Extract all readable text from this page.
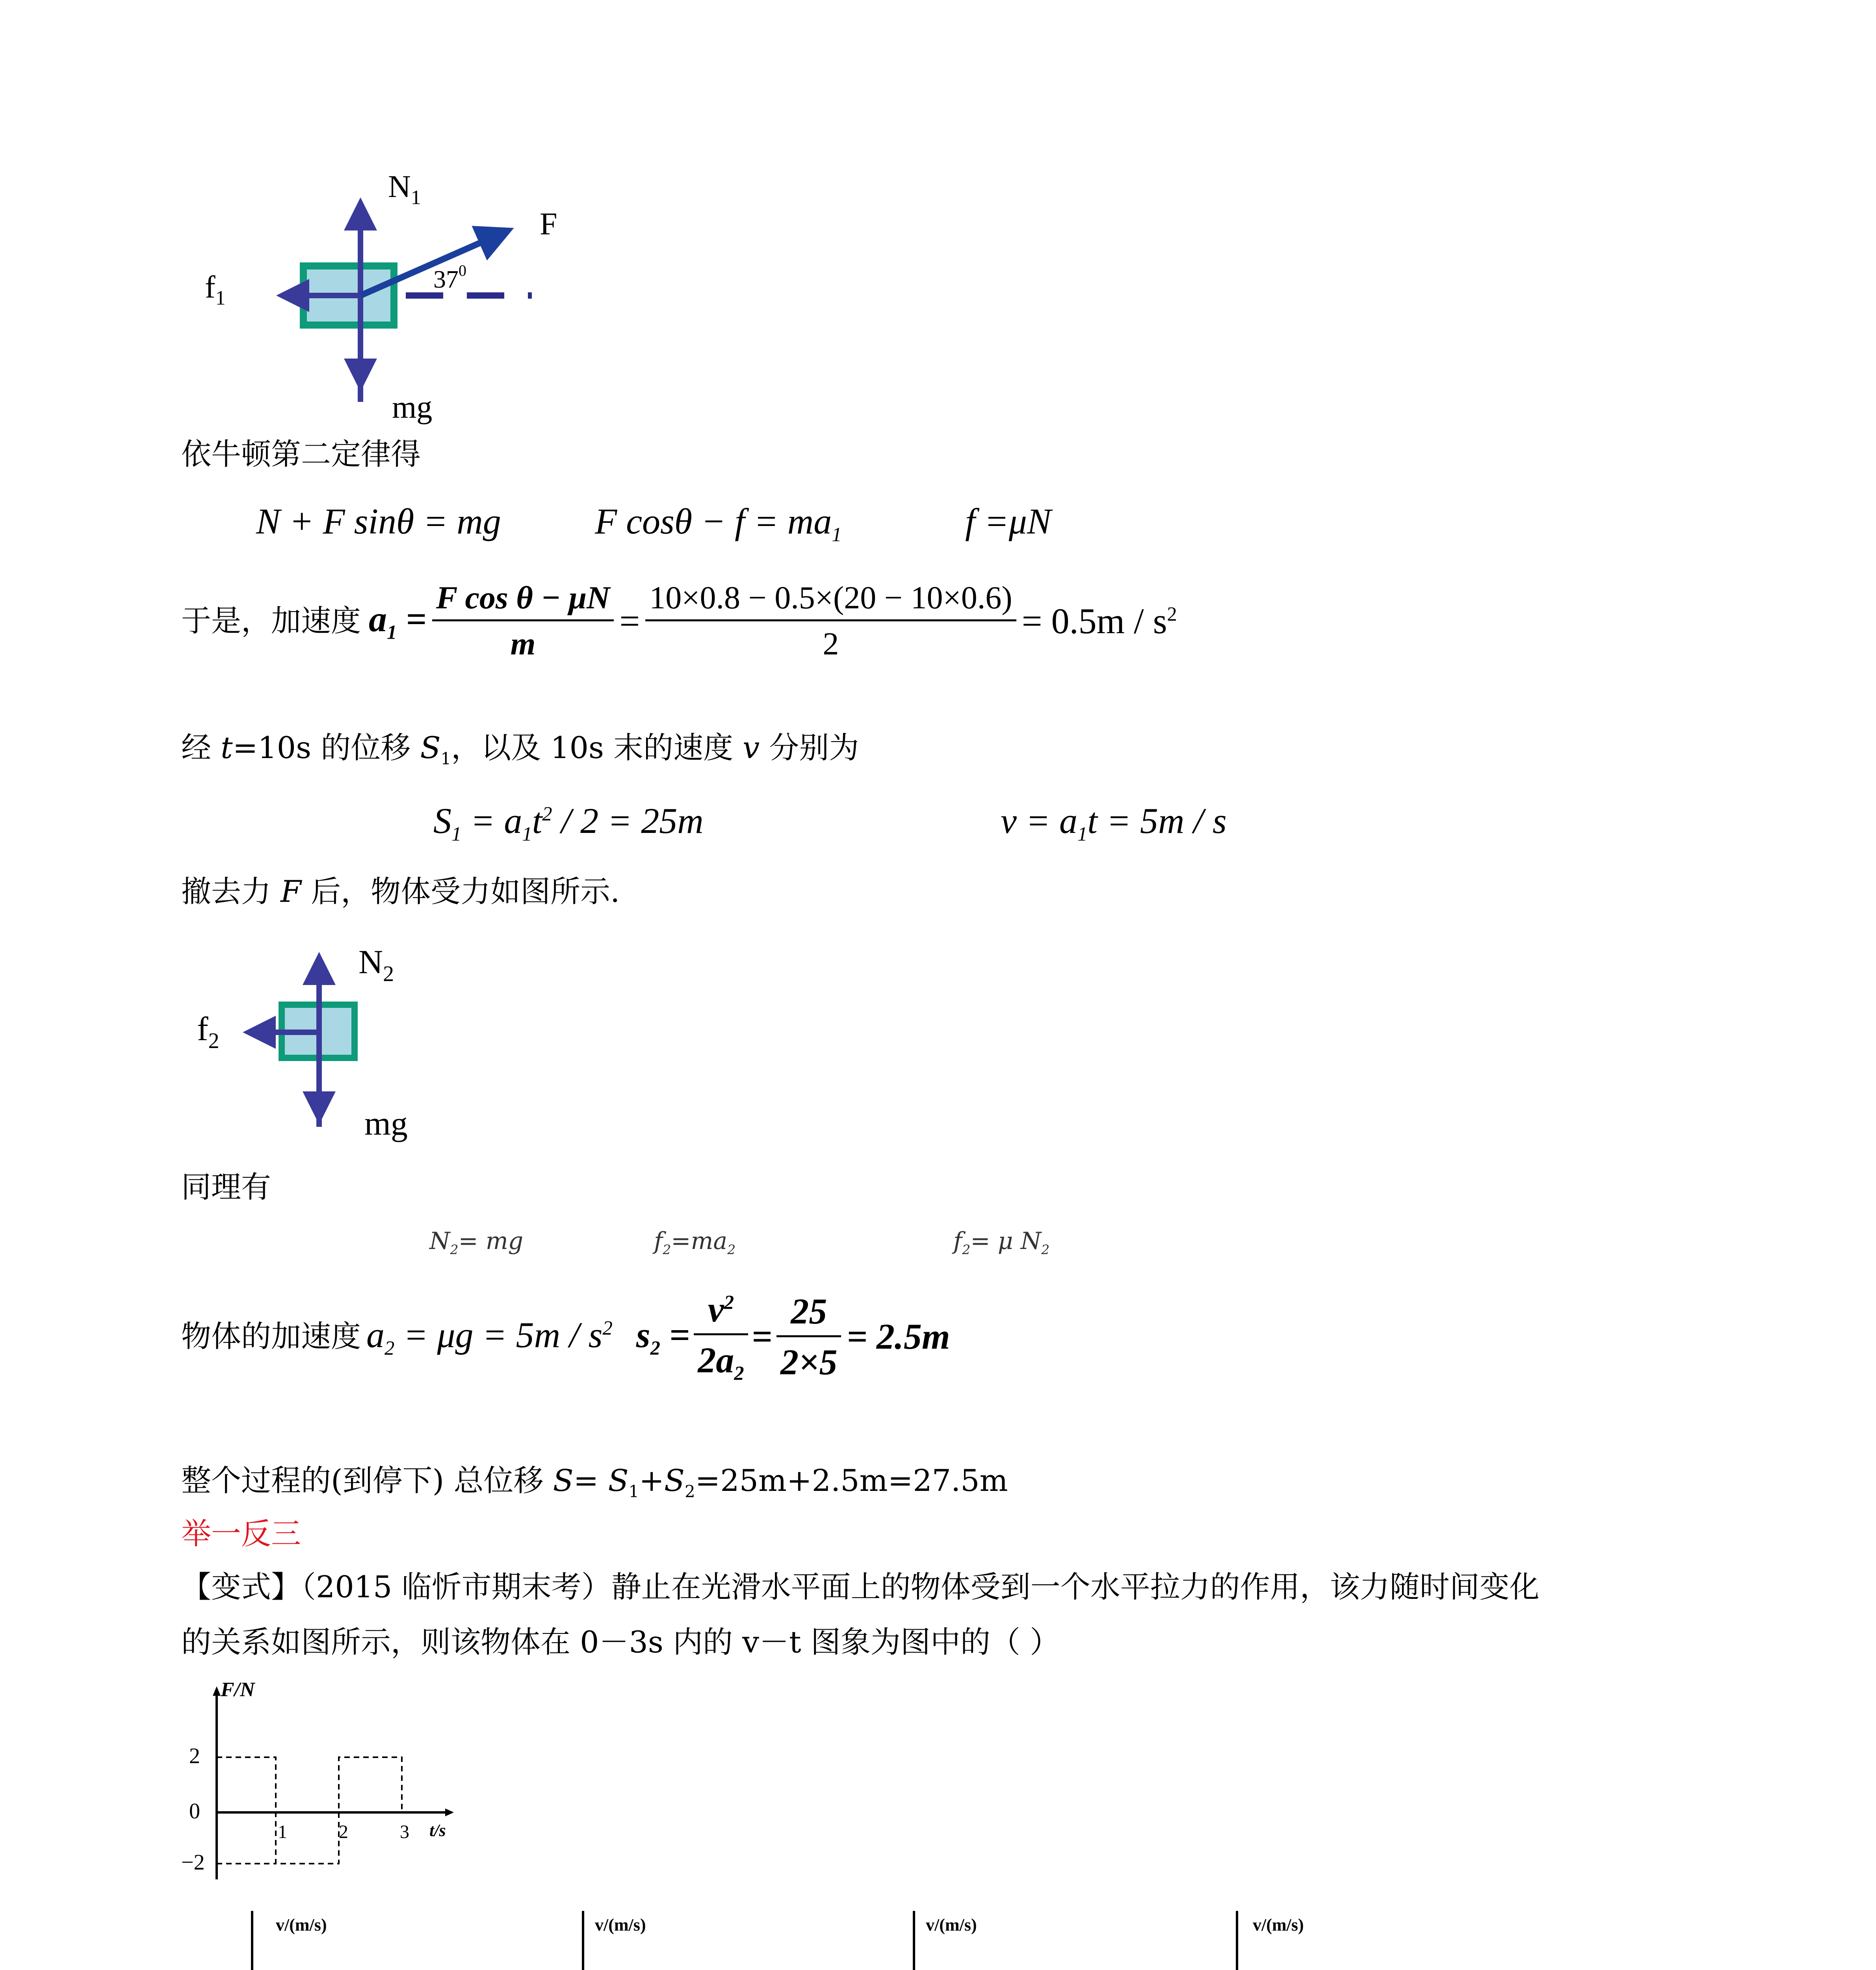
$N_1$
F
$f_1$
mg
$37^0$
依牛顿第二定律得
N + F sinθ = mg	F $\cos\theta - f = ma_1$	f =μN
于是，加速度 $a_1 = \frac{\text{F cos θ − μN}}{m} = \frac{10\times 0.8 - 0.5\times(20 - 10\times 0.6)}{2} = 0.5m / s^2$
经 t=10s 的位移 $S_1$，以及 10s 末的速度 v 分别为
$S_1 = a_1t^2 / 2 = 25m$	$v = a_1t = 5m / s$
撤去力 F 后，物体受力如图所示.
$N_2$
$f_2$
mg
同理有
$N_2=$ mg	$f_2=ma_2$	$f_2= \mu$ $N_2$
物体的加速度 $a_2 = \mu g = 5m / s^2$ $s_2 = \frac{v^2}{2a_2} = \frac{25}{2\times 5} = 2.5m$
整个过程的(到停下) 总位移 $S= S_1+S_2=25m+2.5m=27.5m$
举一反三
【变式】（2015 临忻市期末考）静止在光滑水平面上的物体受到一个水平拉力的作用，该力随时间变化
的关系如图所示，则该物体在 0－3s 内的 v－t 图象为图中的（ ）
F/N
t/s
2
0
−2
1	2	3
v/(m/s)	v/(m/s)	v/(m/s)	v/(m/s)
